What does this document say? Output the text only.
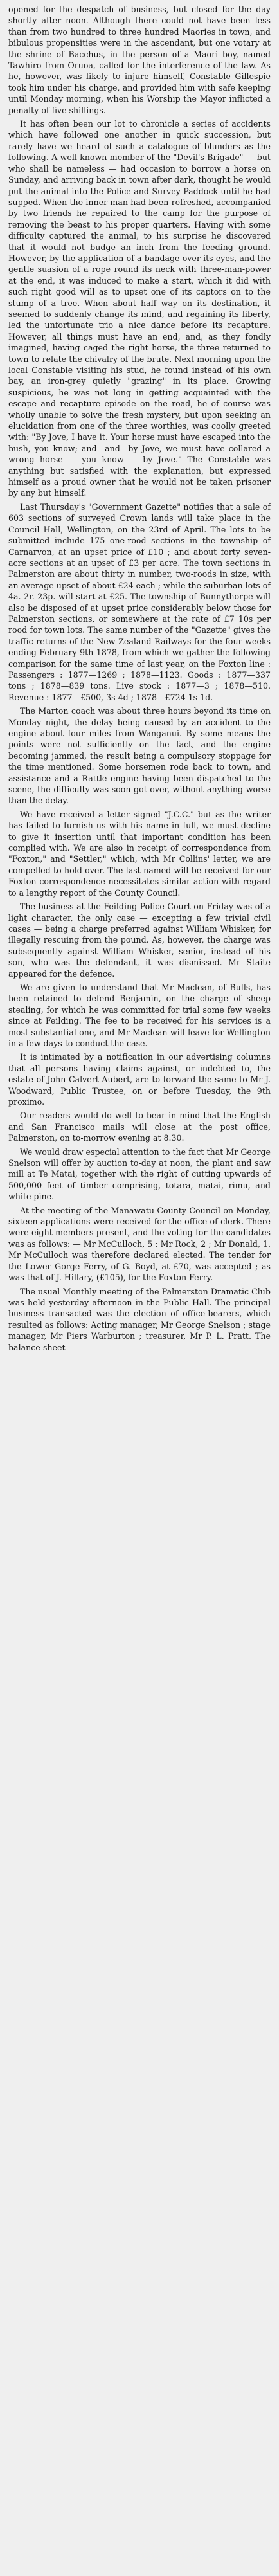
opened for the despatch of business, but closed for the day shortly after noon. Although there could not have been less than from two hundred to three hundred Maories in town, and bibulous propensities were in the ascendant, but one votary at the shrine of Bacchus, in the person of a Maori boy, named Tawhiro from Oruoa, called for the interference of the law. As he, however, was likely to injure himself, Constable Gillespie took him under his charge, and provided him with safe keeping until Monday morning, when his Worship the Mayor inflicted a penalty of five shillings.

It has often been our lot to chronicle a series of accidents which have followed one another in quick succession, but rarely have we heard of such a catalogue of blunders as the following. A well-known member of the "Devil's Brigade" — but who shall be nameless — had occasion to borrow a horse on Sunday, and arriving back in town after dark, thought he would put the animal into the Police and Survey Paddock until he had supped. When the inner man had been refreshed, accompanied by two friends he repaired to the camp for the purpose of removing the beast to his proper quarters. Having with some difficulty captured the animal, to his surprise he discovered that it would not budge an inch from the feeding ground. However, by the application of a bandage over its eyes, and the gentle suasion of a rope round its neck with three-man-power at the end, it was induced to make a start, which it did with such right good will as to upset one of its captors on to the stump of a tree. When about half way on its destination, it seemed to suddenly change its mind, and regaining its liberty, led the unfortunate trio a nice dance before its recapture. However, all things must have an end, and, as they fondly imagined, having caged the right horse, the three returned to town to relate the chivalry of the brute. Next morning upon the local Constable visiting his stud, he found instead of his own bay, an iron-grey quietly "grazing" in its place. Growing suspicious, he was not long in getting acquainted with the escape and recapture episode on the road, he of course was wholly unable to solve the fresh mystery, but upon seeking an elucidation from one of the three worthies, was coolly greeted with: "By Jove, I have it. Your horse must have escaped into the bush, you know; and—and—by Jove, we must have collared a wrong horse — you know — by Jove." The Constable was anything but satisfied with the explanation, but expressed himself as a proud owner that he would not be taken prisoner by any but himself.

Last Thursday's "Government Gazette" notifies that a sale of 603 sections of surveyed Crown lands will take place in the Council Hall, Wellington, on the 23rd of April. The lots to be submitted include 175 one-rood sections in the township of Carnarvon, at an upset price of £10 ; and about forty seven-acre sections at an upset of £3 per acre. The town sections in Palmerston are about thirty in number, two-roods in size, with an average upset of about £24 each ; while the suburban lots of 4a. 2r. 23p. will start at £25. The township of Bunnythorpe will also be disposed of at upset price considerably below those for Palmerston sections, or somewhere at the rate of £7 10s per rood for town lots. The same number of the "Gazette" gives the traffic returns of the New Zealand Railways for the four weeks ending February 9th 1878, from which we gather the following comparison for the same time of last year, on the Foxton line : Passengers : 1877—1269 ; 1878—1123. Goods : 1877—337 tons ; 1878—839 tons. Live stock : 1877—3 ; 1878—510. Revenue : 1877—£500, 3s 4d ; 1878—£724 1s 1d.

The Marton coach was about three hours beyond its time on Monday night, the delay being caused by an accident to the engine about four miles from Wanganui. By some means the points were not sufficiently on the fact, and the engine becoming jammed, the result being a compulsory stoppage for the time mentioned. Some horsemen rode back to town, and assistance and a Rattle engine having been dispatched to the scene, the difficulty was soon got over, without anything worse than the delay.

We have received a letter signed "J.C.C." but as the writer has failed to furnish us with his name in full, we must decline to give it insertion until that important condition has been complied with. We are also in receipt of correspondence from "Foxton," and "Settler," which, with Mr Collins' letter, we are compelled to hold over. The last named will be received for our Foxton correspondence necessitates similar action with regard to a lengthy report of the County Council.

The business at the Feilding Police Court on Friday was of a light character, the only case — excepting a few trivial civil cases — being a charge preferred against William Whisker, for illegally rescuing from the pound. As, however, the charge was subsequently against William Whisker, senior, instead of his son, who was the defendant, it was dismissed. Mr Staite appeared for the defence.

We are given to understand that Mr Maclean, of Bulls, has been retained to defend Benjamin, on the charge of sheep stealing, for which he was committed for trial some few weeks since at Feilding. The fee to be received for his services is a most substantial one, and Mr Maclean will leave for Wellington in a few days to conduct the case.

It is intimated by a notification in our advertising columns that all persons having claims against, or indebted to, the estate of John Calvert Aubert, are to forward the same to Mr J. Woodward, Public Trustee, on or before Tuesday, the 9th proximo.

Our readers would do well to bear in mind that the English and San Francisco mails will close at the post office, Palmerston, on to-morrow evening at 8.30.

We would draw especial attention to the fact that Mr George Snelson will offer by auction to-day at noon, the plant and saw mill at Te Matai, together with the right of cutting upwards of 500,000 feet of timber comprising, totara, matai, rimu, and white pine.

At the meeting of the Manawatu County Council on Monday, sixteen applications were received for the office of clerk. There were eight members present, and the voting for the candidates was as follows: — Mr McCulloch, 5 : Mr Rock, 2 ; Mr Donald, 1. Mr McCulloch was therefore declared elected. The tender for the Lower Gorge Ferry, of G. Boyd, at £70, was accepted ; as was that of J. Hillary, (£105), for the Foxton Ferry.

The usual Monthly meeting of the Palmerston Dramatic Club was held yesterday afternoon in the Public Hall. The principal business transacted was the election of office-bearers, which resulted as follows: Acting manager, Mr George Snelson ; stage manager, Mr Piers Warburton ; treasurer, Mr P. L. Pratt. The balance-sheet
